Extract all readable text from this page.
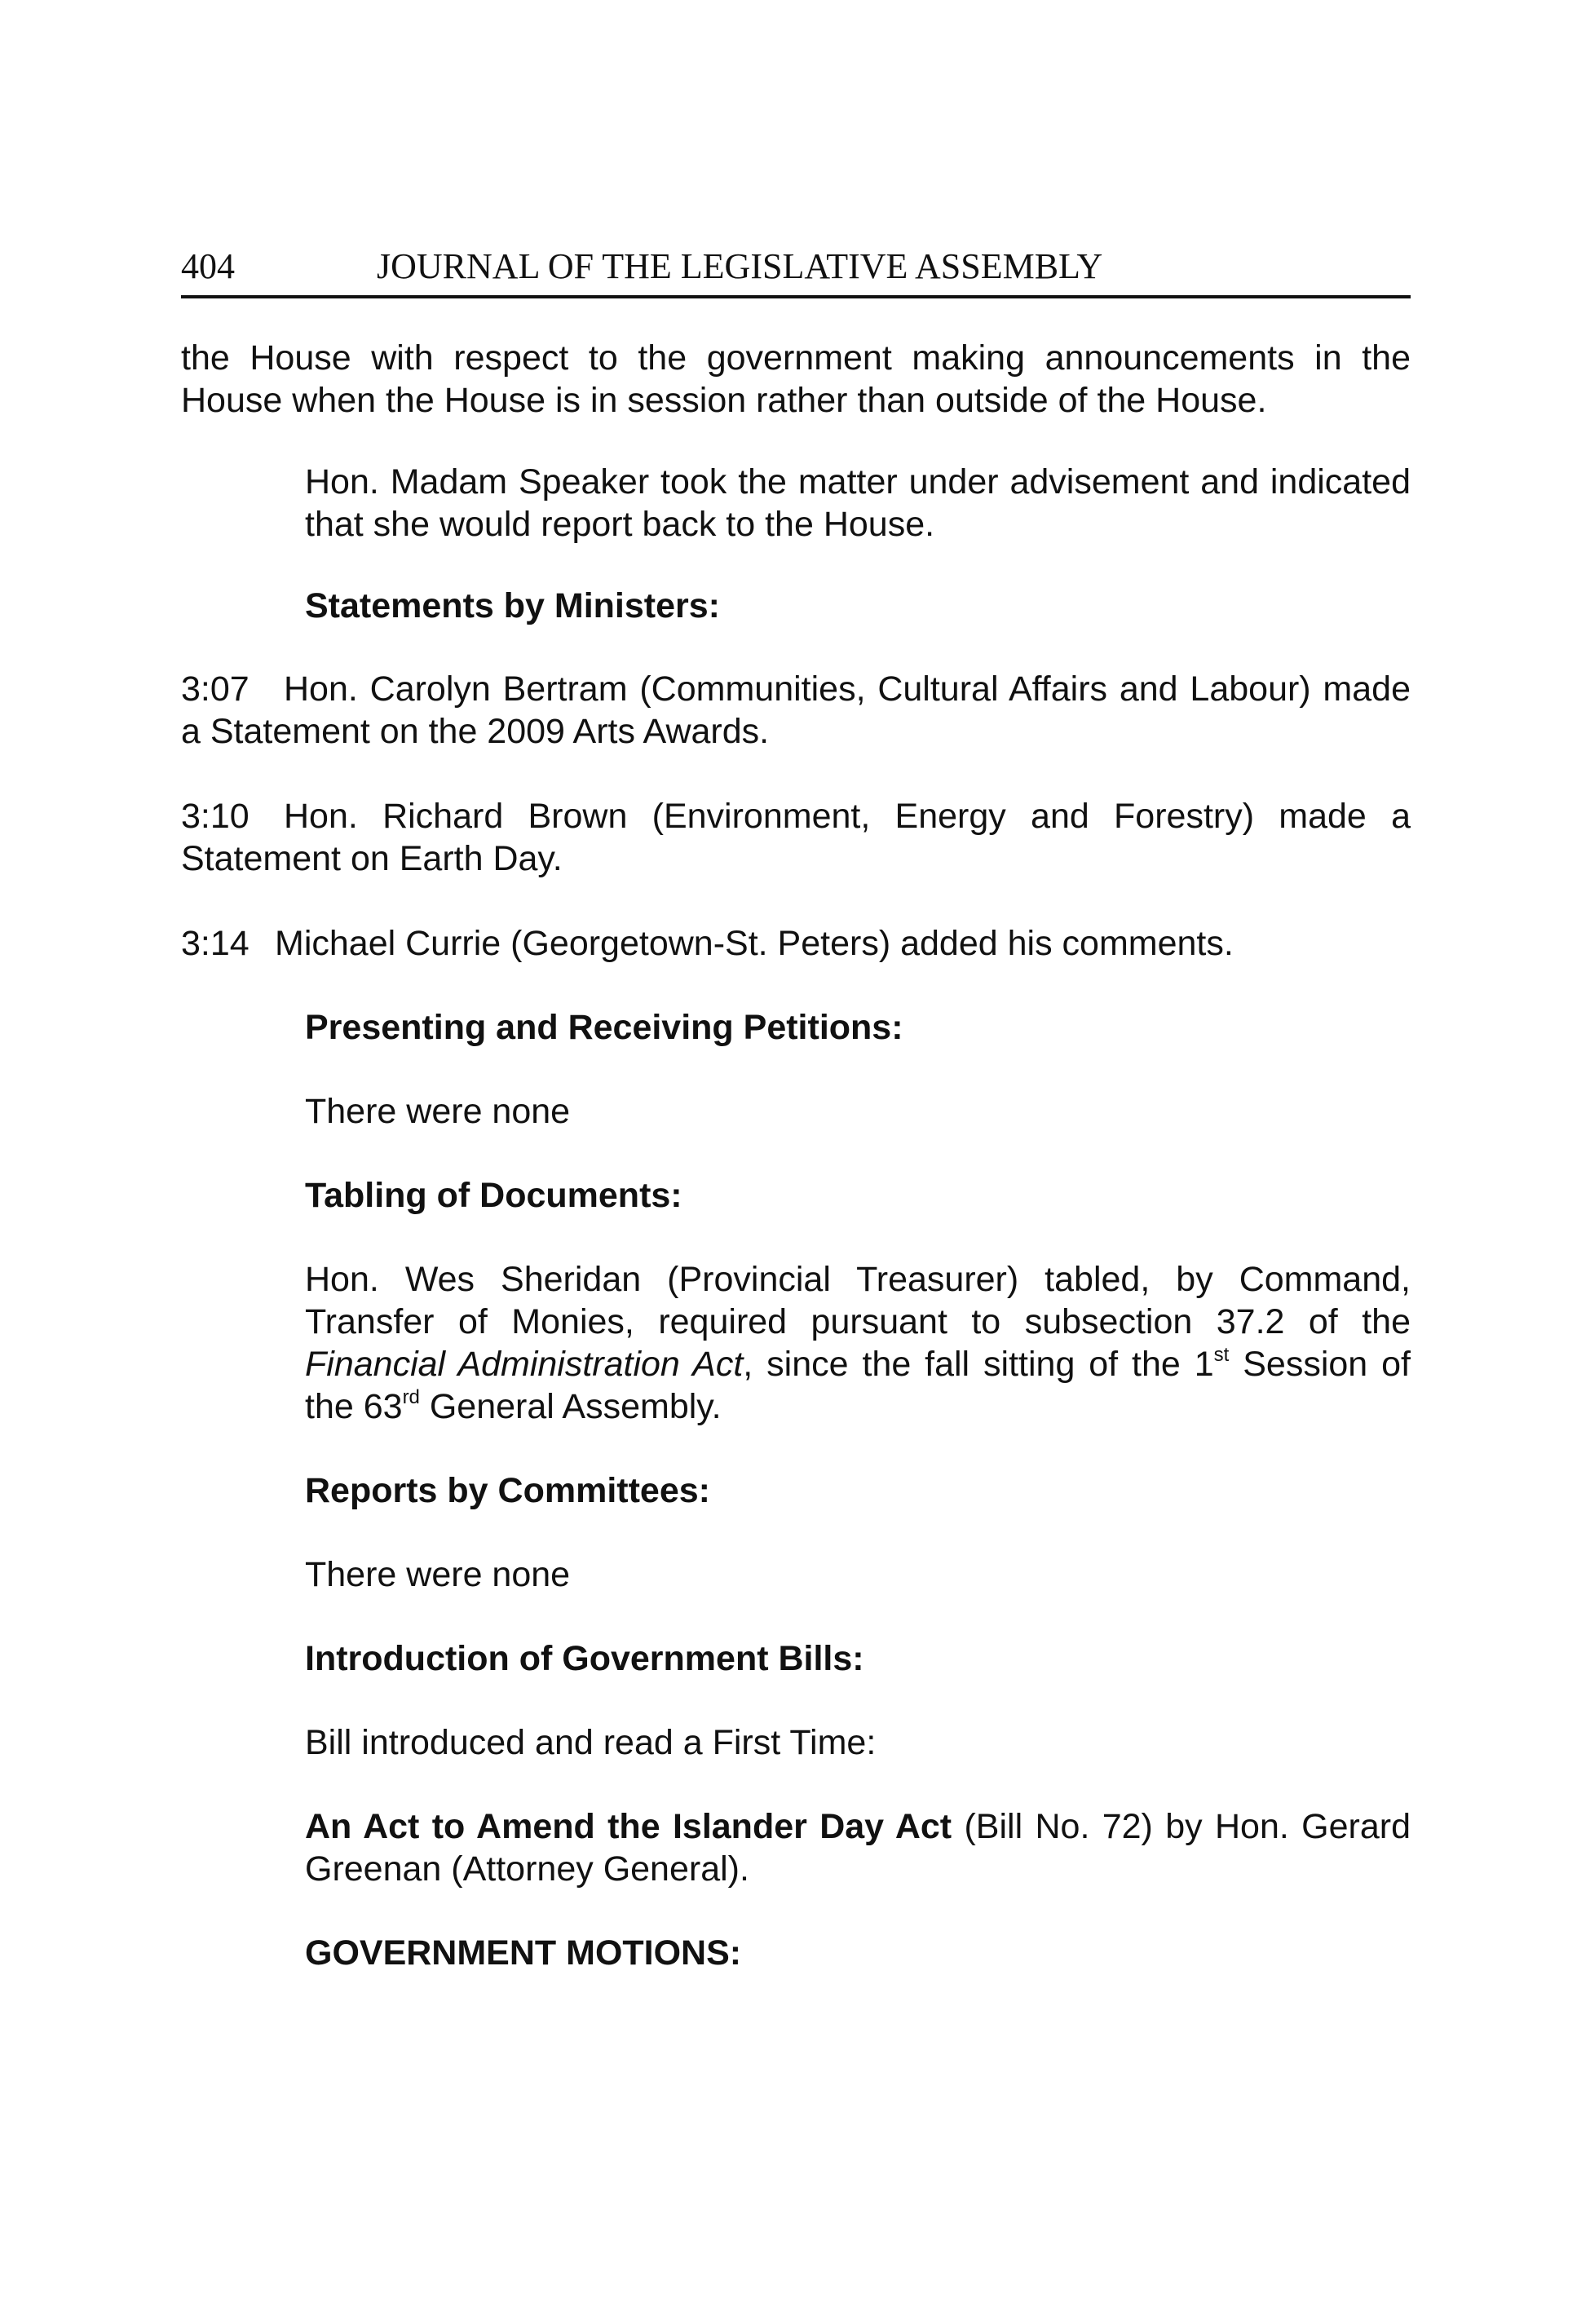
404	JOURNAL OF THE LEGISLATIVE ASSEMBLY

the House with respect to the government making announcements in the House when the House is in session rather than outside of the House.

Hon. Madam Speaker took the matter under advisement and indicated that she would report back to the House.

Statements by Ministers:

3:07 Hon. Carolyn Bertram (Communities, Cultural Affairs and Labour) made a Statement on the 2009 Arts Awards.

3:10 Hon. Richard Brown (Environment, Energy and Forestry) made a Statement on Earth Day.

3:14 Michael Currie (Georgetown-St. Peters) added his comments.

Presenting and Receiving Petitions:

There were none

Tabling of Documents:

Hon. Wes Sheridan (Provincial Treasurer) tabled, by Command, Transfer of Monies, required pursuant to subsection 37.2 of the Financial Administration Act, since the fall sitting of the 1st Session of the 63rd General Assembly.

Reports by Committees:

There were none

Introduction of Government Bills:

Bill introduced and read a First Time:

An Act to Amend the Islander Day Act (Bill No. 72) by Hon. Gerard Greenan (Attorney General).

GOVERNMENT MOTIONS:
